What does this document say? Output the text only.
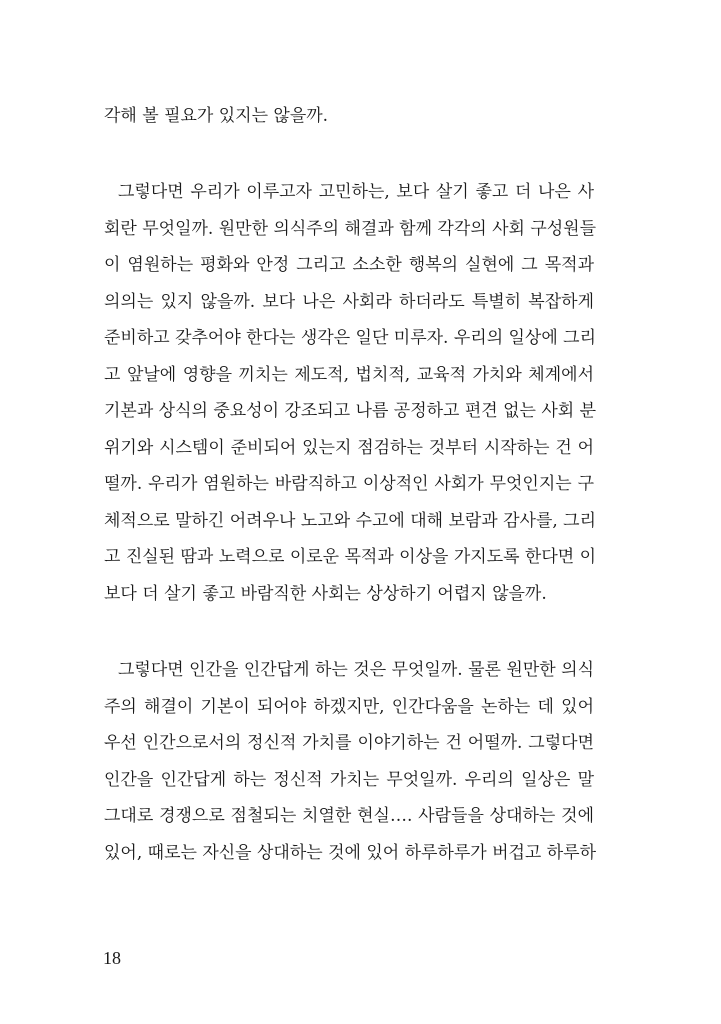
각해 볼 필요가 있지는 않을까.
그렇다면 우리가 이루고자 고민하는, 보다 살기 좋고 더 나은 사
회란 무엇일까. 원만한 의식주의 해결과 함께 각각의 사회 구성원들
이 염원하는 평화와 안정 그리고 소소한 행복의 실현에 그 목적과
의의는 있지 않을까. 보다 나은 사회라 하더라도 특별히 복잡하게
준비하고 갖추어야 한다는 생각은 일단 미루자. 우리의 일상에 그리
고 앞날에 영향을 끼치는 제도적, 법치적, 교육적 가치와 체계에서
기본과 상식의 중요성이 강조되고 나름 공정하고 편견 없는 사회 분
위기와 시스템이 준비되어 있는지 점검하는 것부터 시작하는 건 어
떨까. 우리가 염원하는 바람직하고 이상적인 사회가 무엇인지는 구
체적으로 말하긴 어려우나 노고와 수고에 대해 보람과 감사를, 그리
고 진실된 땀과 노력으로 이로운 목적과 이상을 가지도록 한다면 이
보다 더 살기 좋고 바람직한 사회는 상상하기 어렵지 않을까.
그렇다면 인간을 인간답게 하는 것은 무엇일까. 물론 원만한 의식
주의 해결이 기본이 되어야 하겠지만, 인간다움을 논하는 데 있어
우선 인간으로서의 정신적 가치를 이야기하는 건 어떨까. 그렇다면
인간을 인간답게 하는 정신적 가치는 무엇일까. 우리의 일상은 말
그대로 경쟁으로 점철되는 치열한 현실…. 사람들을 상대하는 것에
있어, 때로는 자신을 상대하는 것에 있어 하루하루가 버겁고 하루하
18
